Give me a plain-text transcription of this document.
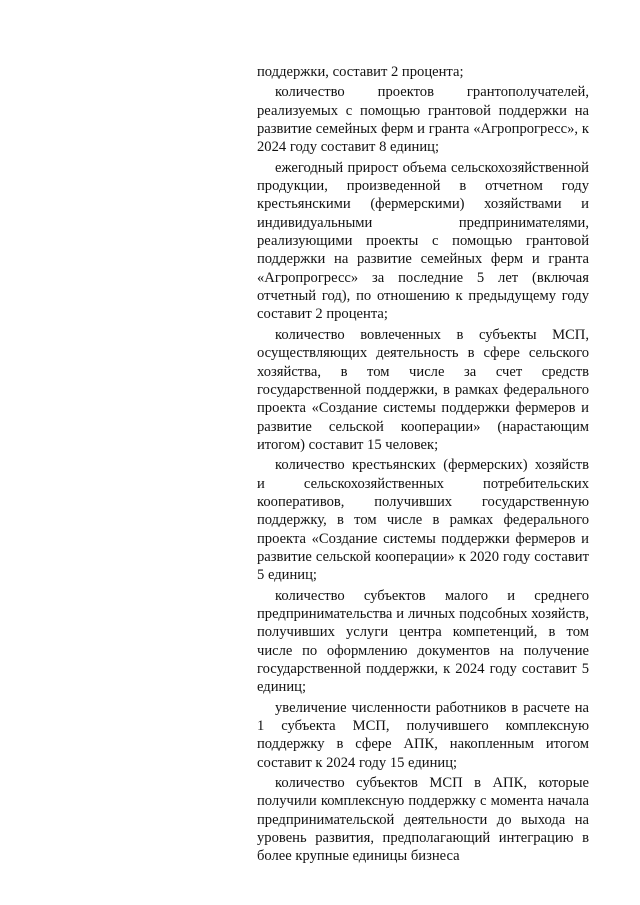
поддержки, составит 2 процента;

количество проектов грантополучателей, реализуемых с помощью грантовой поддержки на развитие семейных ферм и гранта «Агропрогресс», к 2024 году составит 8 единиц;

ежегодный прирост объема сельскохозяйственной продукции, произведенной в отчетном году крестьянскими (фермерскими) хозяйствами и индивидуальными предпринимателями, реализующими проекты с помощью грантовой поддержки на развитие семейных ферм и гранта «Агропрогресс» за последние 5 лет (включая отчетный год), по отношению к предыдущему году составит 2 процента;

количество вовлеченных в субъекты МСП, осуществляющих деятельность в сфере сельского хозяйства, в том числе за счет средств государственной поддержки, в рамках федерального проекта «Создание системы поддержки фермеров и развитие сельской кооперации» (нарастающим итогом) составит 15 человек;

количество крестьянских (фермерских) хозяйств и сельскохозяйственных потребительских кооперативов, получивших государственную поддержку, в том числе в рамках федерального проекта «Создание системы поддержки фермеров и развитие сельской кооперации» к 2020 году составит 5 единиц;

количество субъектов малого и среднего предпринимательства и личных подсобных хозяйств, получивших услуги центра компетенций, в том числе по оформлению документов на получение государственной поддержки, к 2024 году составит 5 единиц;

увеличение численности работников в расчете на 1 субъекта МСП, получившего комплексную поддержку в сфере АПК, накопленным итогом составит к 2024 году 15 единиц;

количество субъектов МСП в АПК, которые получили комплексную поддержку с момента начала предпринимательской деятельности до выхода на уровень развития, предполагающий интеграцию в более крупные единицы бизнеса
